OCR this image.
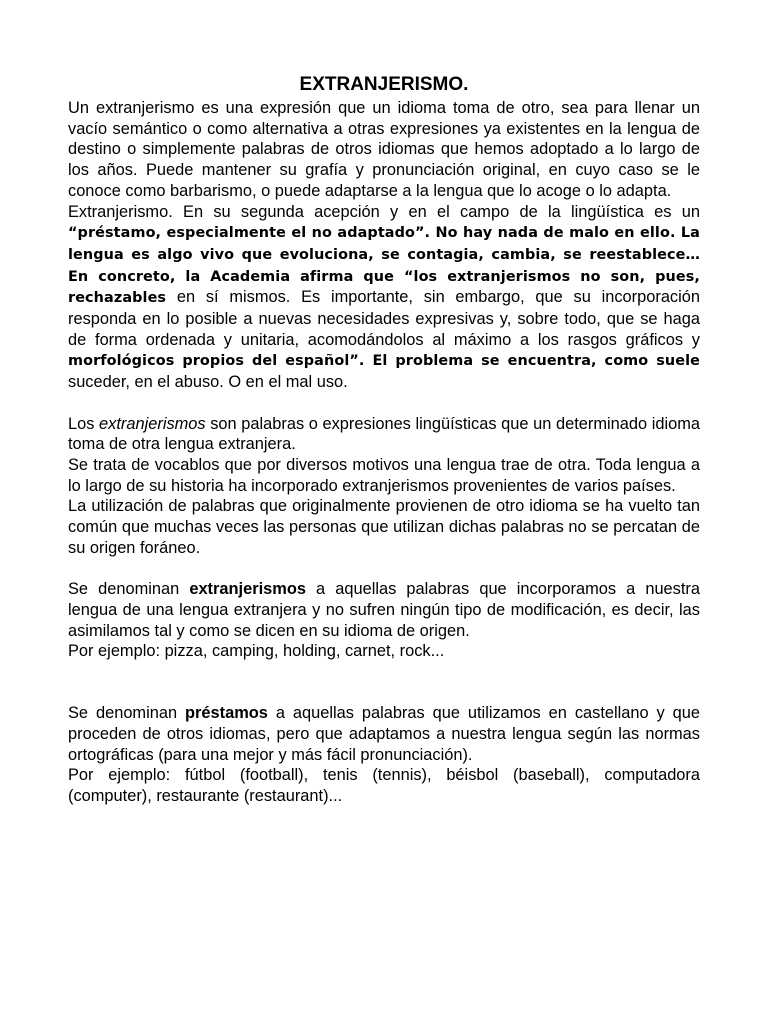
EXTRANJERISMO.

Un extranjerismo es una expresión que un idioma toma de otro, sea para llenar un vacío semántico o como alternativa a otras expresiones ya existentes en la lengua de destino o simplemente palabras de otros idiomas que hemos adoptado a lo largo de los años. Puede mantener su grafía y pronunciación original, en cuyo caso se le conoce como barbarismo, o puede adaptarse a la lengua que lo acoge o lo adapta.

Extranjerismo. En su segunda acepción y en el campo de la lingüística es un “préstamo, especialmente el no adaptado”. No hay nada de malo en ello. La lengua es algo vivo que evoluciona, se contagia, cambia, se reestablece… En concreto, la Academia afirma que “los extranjerismos no son, pues, rechazables en sí mismos. Es importante, sin embargo, que su incorporación responda en lo posible a nuevas necesidades expresivas y, sobre todo, que se haga de forma ordenada y unitaria, acomodándolos al máximo a los rasgos gráficos y morfológicos propios del español”. El problema se encuentra, como suele suceder, en el abuso. O en el mal uso.

Los extranjerismos son palabras o expresiones lingüísticas que un determinado idioma toma de otra lengua extranjera.

Se trata de vocablos que por diversos motivos una lengua trae de otra. Toda lengua a lo largo de su historia ha incorporado extranjerismos provenientes de varios países.

La utilización de palabras que originalmente provienen de otro idioma se ha vuelto tan común que muchas veces las personas que utilizan dichas palabras no se percatan de su origen foráneo.

Se denominan extranjerismos a aquellas palabras que incorporamos a nuestra lengua de una lengua extranjera y no sufren ningún tipo de modificación, es decir, las asimilamos tal y como se dicen en su idioma de origen.

Por ejemplo: pizza, camping, holding, carnet, rock...

Se denominan préstamos a aquellas palabras que utilizamos en castellano y que proceden de otros idiomas, pero que adaptamos a nuestra lengua según las normas ortográficas (para una mejor y más fácil pronunciación).

Por ejemplo: fútbol (football), tenis (tennis), béisbol (baseball), computadora (computer), restaurante (restaurant)...
